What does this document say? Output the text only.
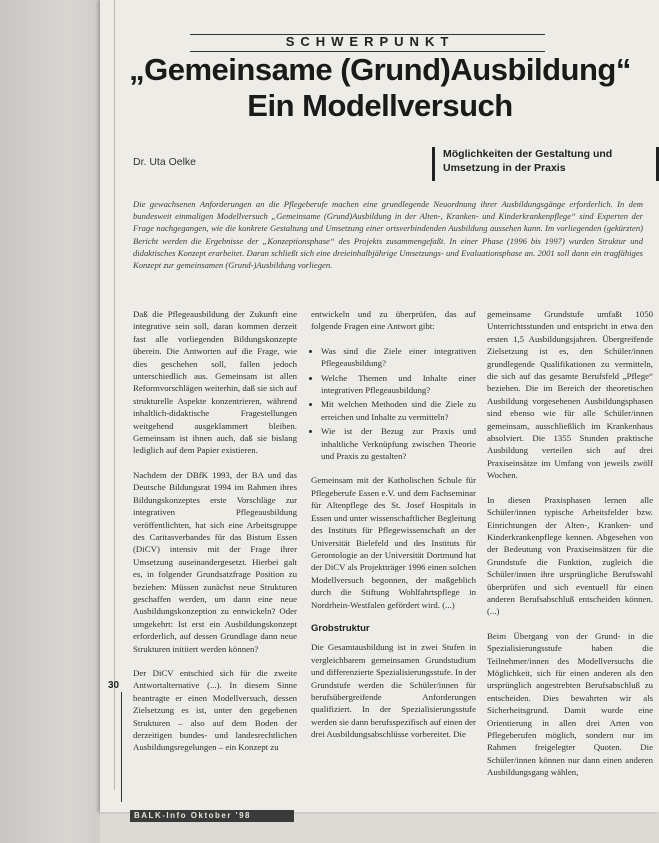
SCHWERPUNKT
„Gemeinsame (Grund)Ausbildung“
Ein Modellversuch
Dr. Uta Oelke
Möglichkeiten der Gestaltung und
Umsetzung in der Praxis
Die gewachsenen Anforderungen an die Pflegeberufe machen eine grundlegende Neuordnung ihrer Ausbildungsgänge erforderlich. In dem bundesweit einmaligen Modellversuch „Gemeinsame (Grund)Ausbildung in der Alten-, Kranken- und Kinderkrankenpflege“ sind Experten der Frage nachgegangen, wie die konkrete Gestaltung und Umsetzung einer ortsverbindenden Ausbildung aussehen kann. Im vorliegenden (gekürzten) Bericht werden die Ergebnisse der „Konzeptionsphase“ des Projekts zusammengefaßt. In einer Phase (1996 bis 1997) wurden Struktur und didaktisches Konzept erarbeitet. Daran schließt sich eine dreieinhalbjährige Umsetzungs- und Evaluationsphase an. 2001 soll dann ein tragfähiges Konzept zur gemeinsamen (Grund-)Ausbildung vorliegen.

Daß die Pflegeausbildung der Zukunft eine integrative sein soll, daran kommen derzeit fast alle vorliegenden Bildungskonzepte überein. Die Antworten auf die Frage, wie dies geschehen soll, fallen jedoch unterschiedlich aus. Gemeinsam ist allen Reformvorschlägen weiterhin, daß sie sich auf strukturelle Aspekte konzentrieren, während inhaltlich-didaktische Fragestellungen weitgehend ausgeklammert bleiben. Gemeinsam ist ihnen auch, daß sie bislang lediglich auf dem Papier existieren.

Nachdem der DBfK 1993, der BA und das Deutsche Bildungsrat 1994 im Rahmen ihres Bildungskonzeptes erste Vorschläge zur integrativen Pflegeausbildung veröffentlichten, hat sich eine Arbeitsgruppe des Caritasverbandes für das Bistum Essen (DiCV) intensiv mit der Frage ihrer Umsetzung auseinandergesetzt. Hierbei galt es, in folgender Grundsatzfrage Position zu beziehen: Müssen zunächst neue Strukturen geschaffen werden, um dann eine neue Ausbildungskonzeption zu entwickeln? Oder umgekehrt: Ist erst ein Ausbildungskonzept erforderlich, auf dessen Grundlage dann neue Strukturen initiiert werden können?

Der DiCV entschied sich für die zweite Antwortalternative (...). In diesem Sinne beantragte er einen Modellversuch, dessen Zielsetzung es ist, unter den gegebenen Strukturen – also auf dem Boden der derzeitigen bundes- und landesrechtlichen Ausbildungsregelungen – ein Konzept zu

entwickeln und zu überprüfen, das auf folgende Fragen eine Antwort gibt:

• Was sind die Ziele einer integrativen Pflegeausbildung?
• Welche Themen und Inhalte einer integrativen Pflegeausbildung?
• Mit welchen Methoden sind die Ziele zu erreichen und Inhalte zu vermitteln?
• Wie ist der Bezug zur Praxis und inhaltliche Verknüpfung zwischen Theorie und Praxis zu gestalten?

Gemeinsam mit der Katholischen Schule für Pflegeberufe Essen e.V. und dem Fachseminar für Altenpflege des St. Josef Hospitals in Essen und unter wissenschaftlicher Begleitung des Instituts für Pflegewissenschaft an der Universität Bielefeld und des Instituts für Gerontologie an der Universität Dortmund hat der DiCV als Projektträger 1996 einen solchen Modellversuch begonnen, der maßgeblich durch die Stiftung Wohlfahrtspflege in Nordrhein-Westfalen gefördert wird. (...)

Grobstruktur

Die Gesamtausbildung ist in zwei Stufen in vergleichbarem gemeinsamen Grundstudium und differenzierte Spezialisierungsstufe. In der Grundstufe werden die Schüler/innen für berufsübergreifende Anforderungen qualifiziert. In der Spezialisierungsstufe werden sie dann berufsspezifisch auf einen der drei Ausbildungsabschlüsse vorbereitet. Die

gemeinsame Grundstufe umfaßt 1050 Unterrichtsstunden und entspricht in etwa den ersten 1,5 Ausbildungsjahren. Übergreifende Zielsetzung ist es, den Schüler/innen grundlegende Qualifikationen zu vermitteln, die sich auf das gesamte Berufsfeld „Pflege“ beziehen. Die im Bereich der theoretischen Ausbildung vorgesehenen Ausbildungsphasen sind ebenso wie für alle Schüler/innen gemeinsam, ausschließlich im Krankenhaus absolviert. Die 1355 Stunden praktische Ausbildung verteilen sich auf drei Praxiseinsätze im Umfang von jeweils zwölf Wochen.

In diesen Praxisphasen lernen alle Schüler/innen typische Arbeitsfelder bzw. Einrichtungen der Alten-, Kranken- und Kinderkrankenpflege kennen. Abgesehen von der Bedeutung von Praxiseinsätzen für die Grundstufe die Funktion, zugleich die Schüler/innen ihre ursprüngliche Berufswahl überprüfen und sich eventuell für einen anderen Berufsabschluß entscheiden können. (...)

Beim Übergang von der Grund- in die Spezialisierungsstufe haben die Teilnehmer/innen des Modellversuchs die Möglichkeit, sich für einen anderen als den ursprünglich angestrebten Berufsabschluß zu entscheiden. Dies bewahrten wir als Sicherheitsgrund. Damit wurde eine Orientierung in allen drei Arten von Pflegeberufen möglich, sondern nur im Rahmen freigelegter Quoten. Die Schüler/innen können nur dann einen anderen Ausbildungsgang wählen,

30
BALK-Info Oktober '98
